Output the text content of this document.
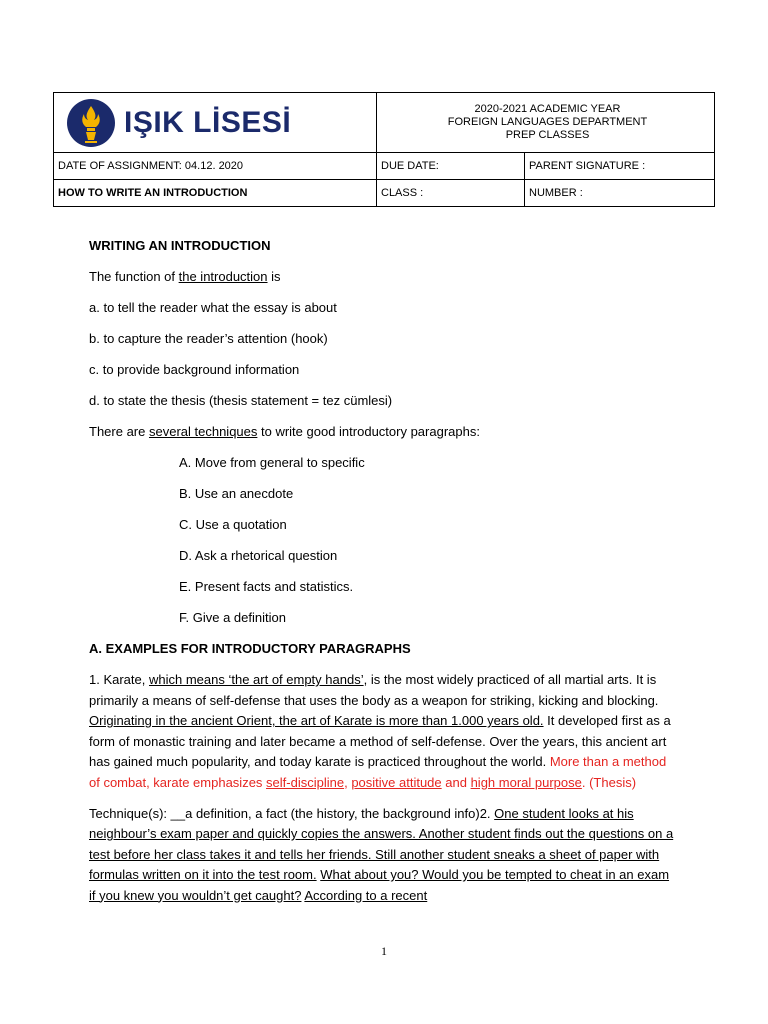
IŞIK LİSESİ	2020-2021 ACADEMIC YEAR
FOREIGN LANGUAGES DEPARTMENT
PREP CLASSES	

DATE OF ASSIGNMENT: 04.12. 2020	DUE DATE:	PARENT SIGNATURE :
HOW TO WRITE AN INTRODUCTION	CLASS :	NUMBER :

WRITING AN INTRODUCTION

The function of the introduction is

a. to tell the reader what the essay is about

b. to capture the reader’s attention (hook)

c. to provide background information

d. to state the thesis (thesis statement = tez cümlesi)

There are several techniques to write good introductory paragraphs:

A. Move from general to specific

B. Use an anecdote

C. Use a quotation

D. Ask a rhetorical question

E. Present facts and statistics.

F. Give a definition

A. EXAMPLES FOR INTRODUCTORY PARAGRAPHS

1. Karate, which means ‘the art of empty hands’, is the most widely practiced of all martial arts. It is primarily a means of self-defense that uses the body as a weapon for striking, kicking and blocking. Originating in the ancient Orient, the art of Karate is more than 1.000 years old. It developed first as a form of monastic training and later became a method of self-defense. Over the years, this ancient art has gained much popularity, and today karate is practiced throughout the world. More than a method of combat, karate emphasizes self-discipline, positive attitude and high moral purpose. (Thesis)

Technique(s): __a definition, a fact (the history, the background info)2. One student looks at his neighbour’s exam paper and quickly copies the answers. Another student finds out the questions on a test before her class takes it and tells her friends. Still another student sneaks a sheet of paper with formulas written on it into the test room. What about you? Would you be tempted to cheat in an exam if you knew you wouldn’t get caught? According to a recent

1
